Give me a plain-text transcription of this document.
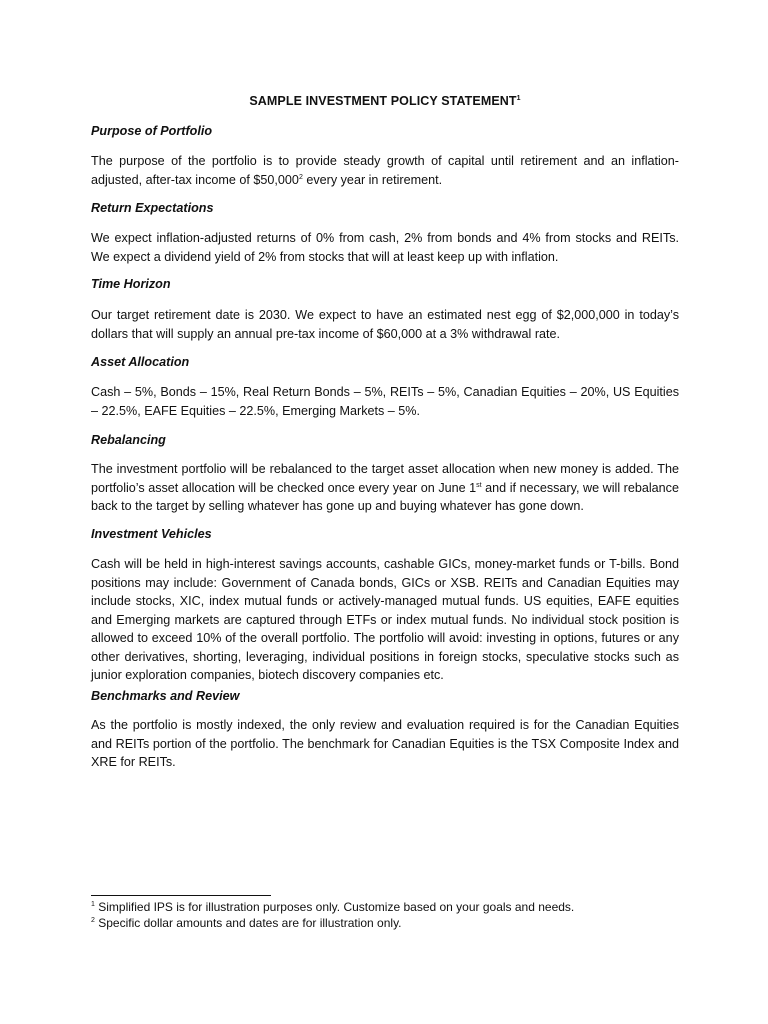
SAMPLE INVESTMENT POLICY STATEMENT$^1$
Purpose of Portfolio
The purpose of the portfolio is to provide steady growth of capital until retirement and an inflation-adjusted, after-tax income of $50,000$^2$ every year in retirement.
Return Expectations
We expect inflation-adjusted returns of 0% from cash, 2% from bonds and 4% from stocks and REITs. We expect a dividend yield of 2% from stocks that will at least keep up with inflation.
Time Horizon
Our target retirement date is 2030. We expect to have an estimated nest egg of $2,000,000 in today’s dollars that will supply an annual pre-tax income of $60,000 at a 3% withdrawal rate.
Asset Allocation
Cash – 5%, Bonds – 15%, Real Return Bonds – 5%, REITs – 5%, Canadian Equities – 20%, US Equities – 22.5%, EAFE Equities – 22.5%, Emerging Markets – 5%.
Rebalancing
The investment portfolio will be rebalanced to the target asset allocation when new money is added. The portfolio’s asset allocation will be checked once every year on June 1st and if necessary, we will rebalance back to the target by selling whatever has gone up and buying whatever has gone down.
Investment Vehicles
Cash will be held in high-interest savings accounts, cashable GICs, money-market funds or T-bills. Bond positions may include: Government of Canada bonds, GICs or XSB. REITs and Canadian Equities may include stocks, XIC, index mutual funds or actively-managed mutual funds. US equities, EAFE equities and Emerging markets are captured through ETFs or index mutual funds. No individual stock position is allowed to exceed 10% of the overall portfolio. The portfolio will avoid: investing in options, futures or any other derivatives, shorting, leveraging, individual positions in foreign stocks, speculative stocks such as junior exploration companies, biotech discovery companies etc.
Benchmarks and Review
As the portfolio is mostly indexed, the only review and evaluation required is for the Canadian Equities and REITs portion of the portfolio. The benchmark for Canadian Equities is the TSX Composite Index and XRE for REITs.
$^1$ Simplified IPS is for illustration purposes only. Customize based on your goals and needs.
$^2$ Specific dollar amounts and dates are for illustration only.
